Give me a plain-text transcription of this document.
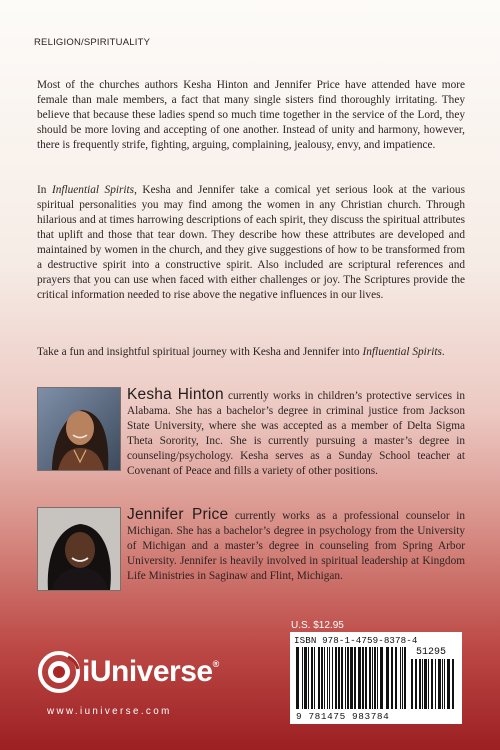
RELIGION/SPIRITUALITY

Most of the churches authors Kesha Hinton and Jennifer Price have attended have more female than male members, a fact that many single sisters find thoroughly irritating. They believe that because these ladies spend so much time together in the service of the Lord, they should be more loving and accepting of one another. Instead of unity and harmony, however, there is frequently strife, fighting, arguing, complaining, jealousy, envy, and impatience.

In Influential Spirits, Kesha and Jennifer take a comical yet serious look at the various spiritual personalities you may find among the women in any Christian church. Through hilarious and at times harrowing descriptions of each spirit, they discuss the spiritual attributes that uplift and those that tear down. They describe how these attributes are developed and maintained by women in the church, and they give suggestions of how to be transformed from a destructive spirit into a constructive spirit. Also included are scriptural references and prayers that you can use when faced with either challenges or joy. The Scriptures provide the critical information needed to rise above the negative influences in our lives.

Take a fun and insightful spiritual journey with Kesha and Jennifer into Influential Spirits.

Kesha Hinton currently works in children’s protective services in Alabama. She has a bachelor’s degree in criminal justice from Jackson State University, where she was accepted as a member of Delta Sigma Theta Sorority, Inc. She is currently pursuing a master’s degree in counseling/psychology. Kesha serves as a Sunday School teacher at Covenant of Peace and fills a variety of other positions.

Jennifer Price currently works as a professional counselor in Michigan. She has a bachelor’s degree in psychology from the University of Michigan and a master’s degree in counseling from Spring Arbor University. Jennifer is heavily involved in spiritual leadership at Kingdom Life Ministries in Saginaw and Flint, Michigan.

U.S. $12.95
ISBN 978-1-4759-8378-4
51295
9 781475 983784
iUniverse®
www.iuniverse.com
